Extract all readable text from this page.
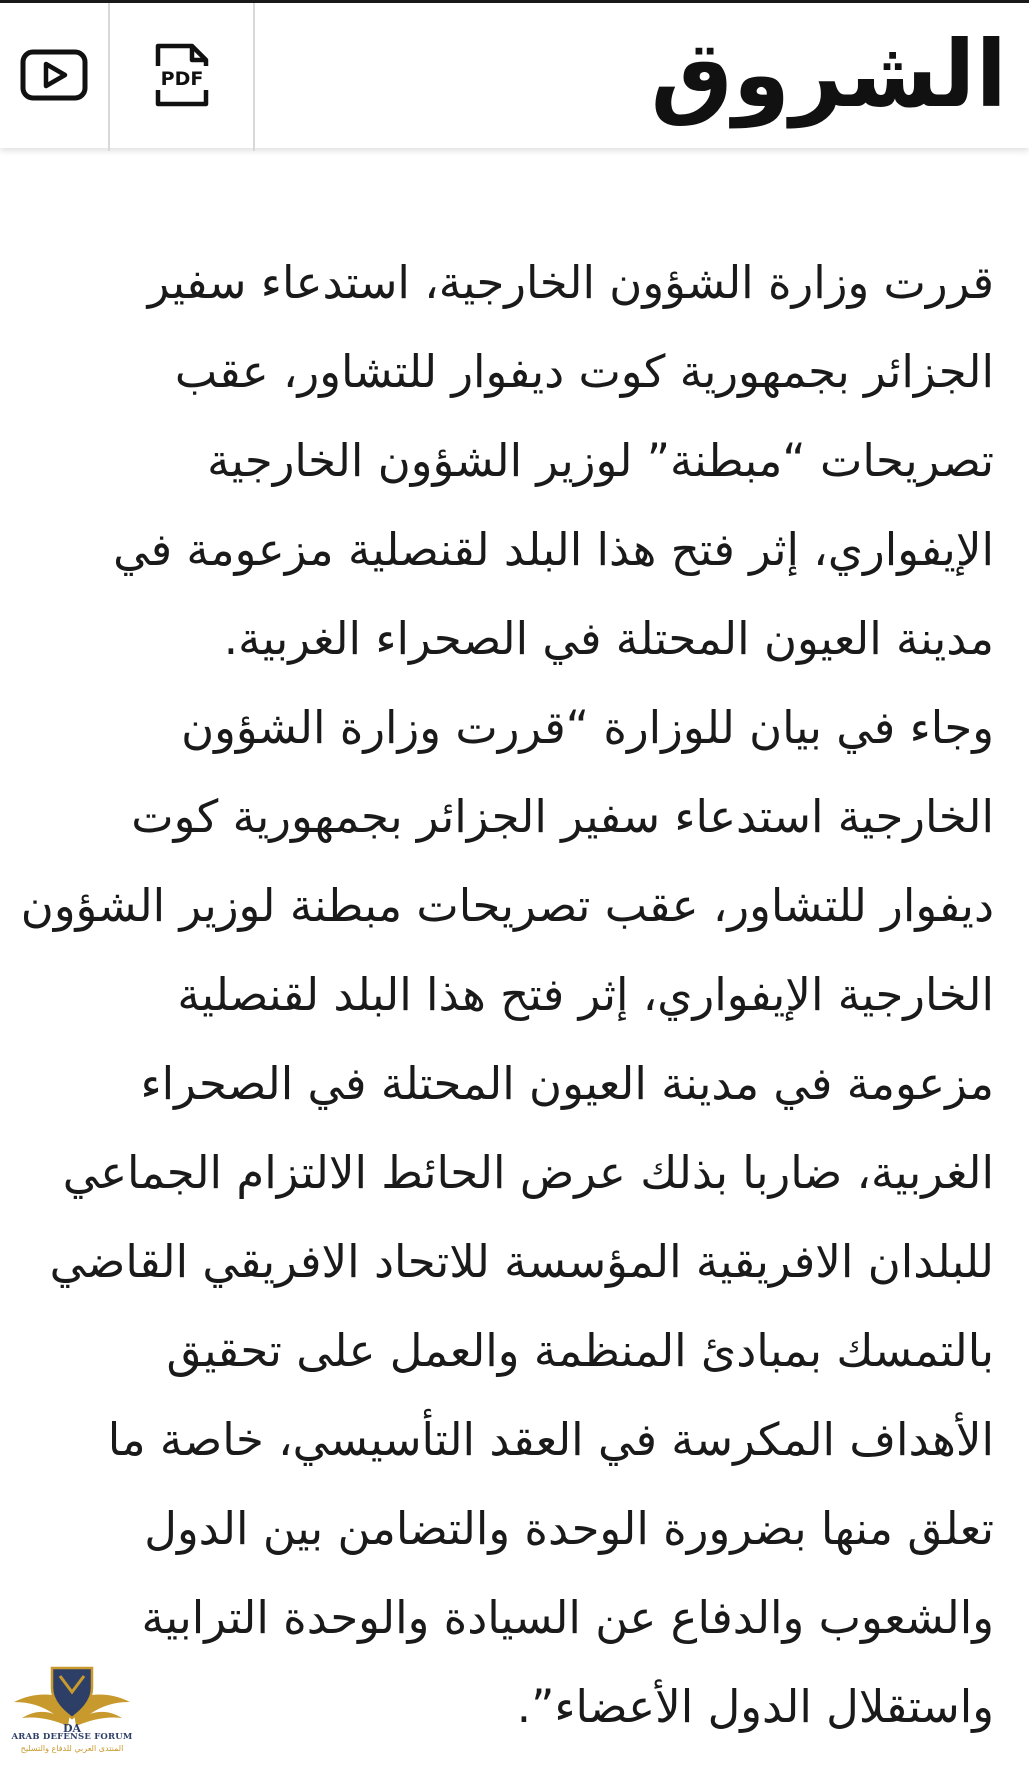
PDF	الشروق

قررت وزارة الشؤون الخارجية، استدعاء سفير الجزائر بجمهورية كوت ديفوار للتشاور، عقب تصريحات “مبطنة” لوزير الشؤون الخارجية الإيفواري، إثر فتح هذا البلد لقنصلية مزعومة في مدينة العيون المحتلة في الصحراء الغربية.

وجاء في بيان للوزارة “قررت وزارة الشؤون الخارجية استدعاء سفير الجزائر بجمهورية كوت ديفوار للتشاور، عقب تصريحات مبطنة لوزير الشؤون الخارجية الإيفواري، إثر فتح هذا البلد لقنصلية مزعومة في مدينة العيون المحتلة في الصحراء الغربية، ضاربا بذلك عرض الحائط الالتزام الجماعي للبلدان الافريقية المؤسسة للاتحاد الافريقي القاضي بالتمسك بمبادئ المنظمة والعمل على تحقيق الأهداف المكرسة في العقد التأسيسي، خاصة ما تعلق منها بضرورة الوحدة والتضامن بين الدول والشعوب والدفاع عن السيادة والوحدة الترابية واستقلال الدول الأعضاء”.

DA
ARAB DEFENSE FORUM
المنتدى العربي للدفاع والتسليح
